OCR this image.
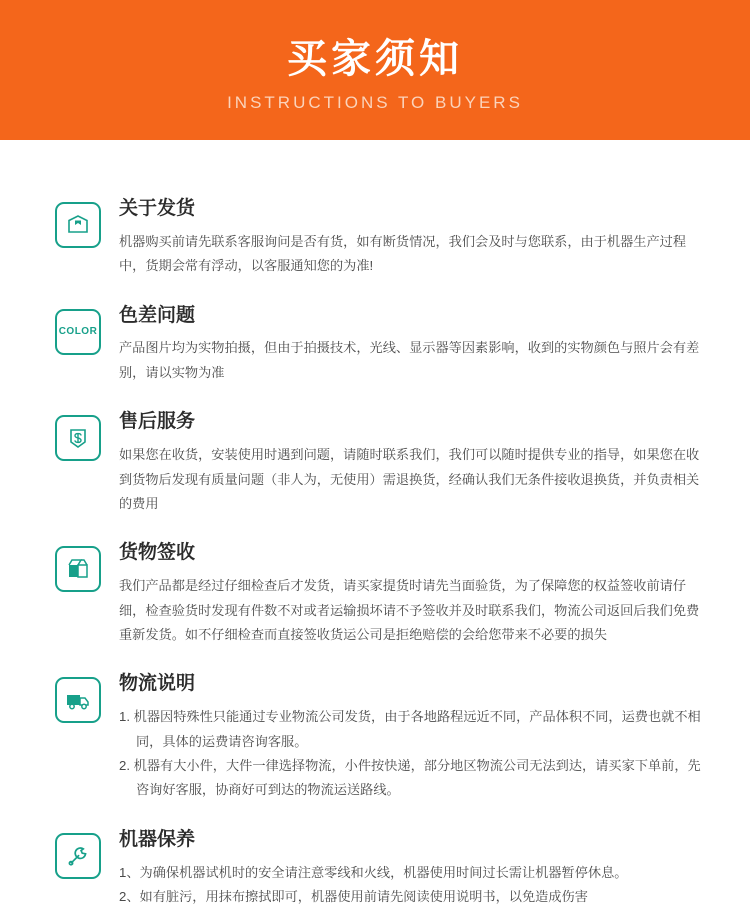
买家须知
INSTRUCTIONS TO BUYERS
关于发货

机器购买前请先联系客服询问是否有货，如有断货情况，我们会及时与您联系，由于机器生产过程中，货期会常有浮动，以客服通知您的为准!

COLOR
色差问题

产品图片均为实物拍摄，但由于拍摄技术，光线、显示器等因素影响，收到的实物颜色与照片会有差别，请以实物为准

售后服务

如果您在收货，安装使用时遇到问题，请随时联系我们，我们可以随时提供专业的指导，如果您在收到货物后发现有质量问题（非人为，无使用）需退换货，经确认我们无条件接收退换货，并负责相关的费用

货物签收

我们产品都是经过仔细检查后才发货，请买家提货时请先当面验货，为了保障您的权益签收前请仔细，检查验货时发现有件数不对或者运输损坏请不予签收并及时联系我们，物流公司返回后我们免费重新发货。如不仔细检查而直接签收货运公司是拒绝赔偿的会给您带来不必要的损失

物流说明
1. 机器因特殊性只能通过专业物流公司发货，由于各地路程远近不同，产品体积不同，运费也就不相同，具体的运费请咨询客服。
2. 机器有大小件，大件一律选择物流，小件按快递，部分地区物流公司无法到达，请买家下单前，先咨询好客服，协商好可到达的物流运送路线。
机器保养
1、为确保机器试机时的安全请注意零线和火线，机器使用时间过长需让机器暂停休息。
2、如有脏污，用抹布擦拭即可，机器使用前请先阅读使用说明书，以免造成伤害
